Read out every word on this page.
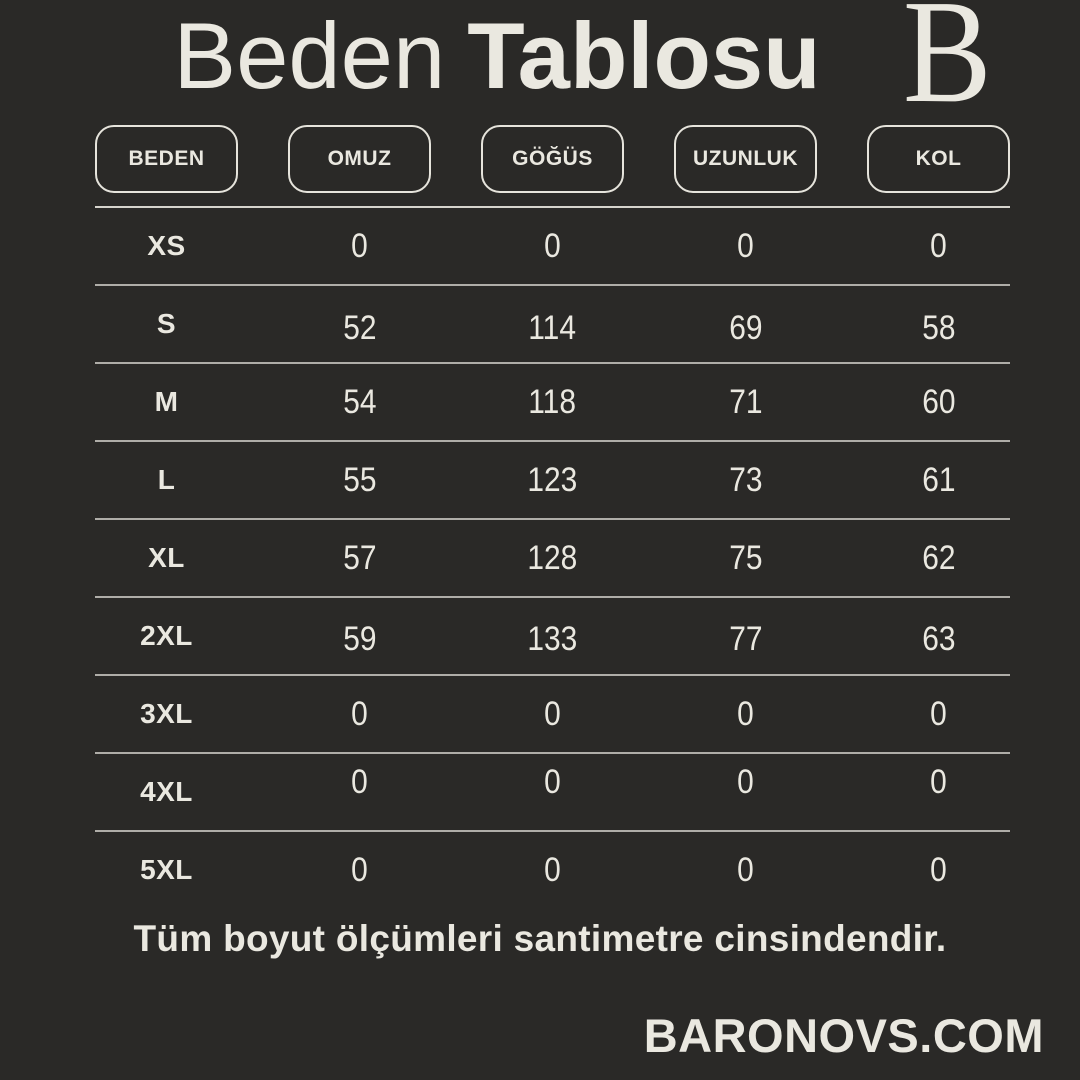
Beden Tablosu B
BEDEN	OMUZ	GÖĞÜS	UZUNLUK	KOL
XS	0	0	0	0
S	52	114	69	58
M	54	118	71	60
L	55	123	73	61
XL	57	128	75	62
2XL	59	133	77	63
3XL	0	0	0	0
4XL	0	0	0	0
5XL	0	0	0	0
Tüm boyut ölçümleri santimetre cinsindendir.
BARONOVS.COM
